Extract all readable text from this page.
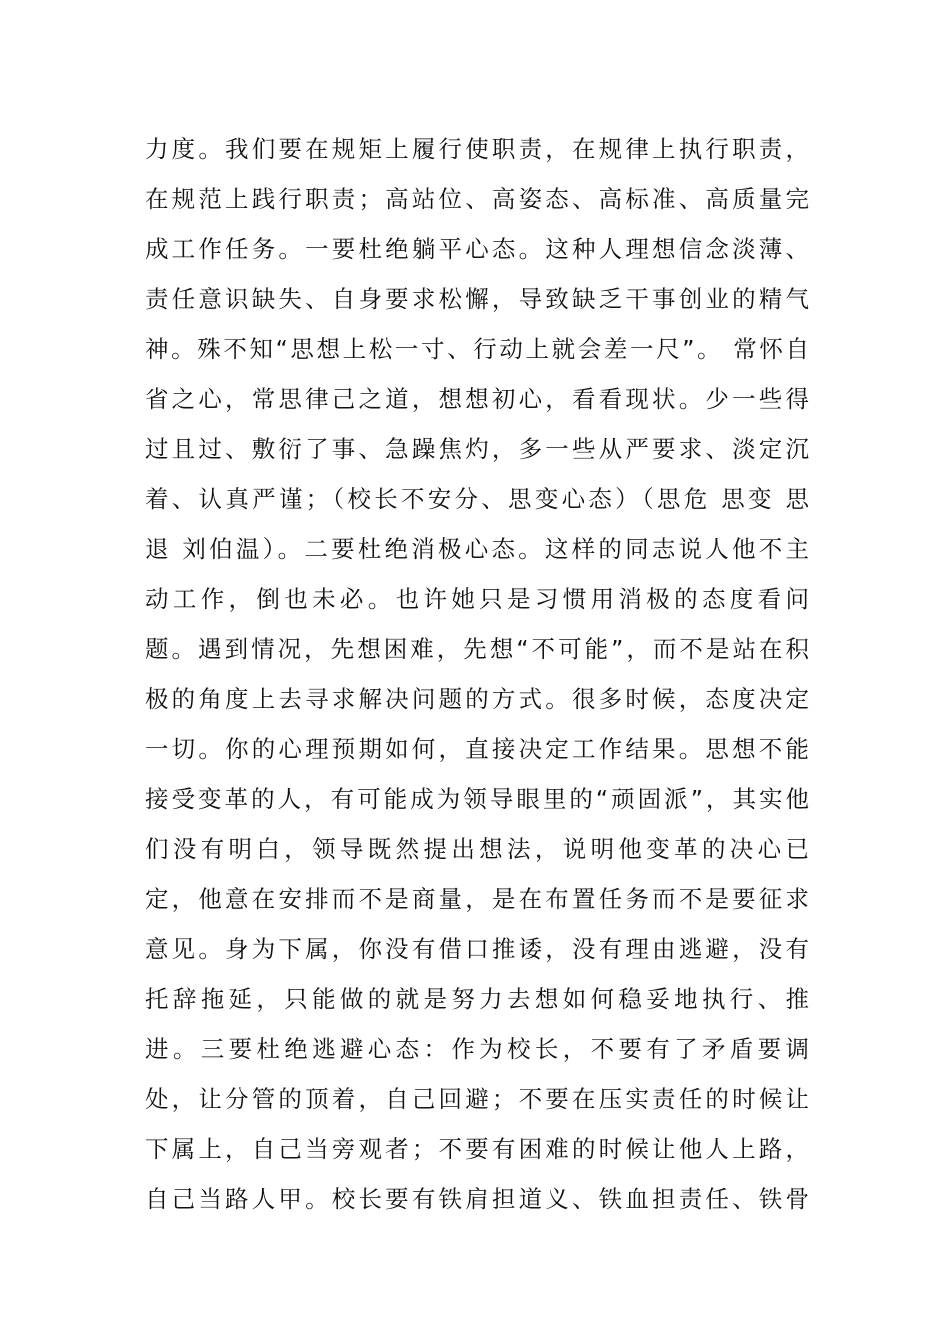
力度。我们要在规矩上履行使职责，在规律上执行职责，
在规范上践行职责；高站位、高姿态、高标准、高质量完
成工作任务。一要杜绝躺平心态。这种人理想信念淡薄、
责任意识缺失、自身要求松懈，导致缺乏干事创业的精气
神。殊不知“思想上松一寸、行动上就会差一尺”。 常怀自
省之心，常思律己之道，想想初心，看看现状。少一些得
过且过、敷衍了事、急躁焦灼，多一些从严要求、淡定沉
着、认真严谨；（校长不安分、思变心态）（思危 思变 思
退 刘伯温）。二要杜绝消极心态。这样的同志说人他不主
动工作，倒也未必。也许她只是习惯用消极的态度看问
题。遇到情况，先想困难，先想“不可能”，而不是站在积
极的角度上去寻求解决问题的方式。很多时候，态度决定
一切。你的心理预期如何，直接决定工作结果。思想不能
接受变革的人，有可能成为领导眼里的“顽固派”，其实他
们没有明白，领导既然提出想法，说明他变革的决心已
定，他意在安排而不是商量，是在布置任务而不是要征求
意见。身为下属，你没有借口推诿，没有理由逃避，没有
托辞拖延，只能做的就是努力去想如何稳妥地执行、推
进。三要杜绝逃避心态：作为校长，不要有了矛盾要调
处，让分管的顶着，自己回避；不要在压实责任的时候让
下属上，自己当旁观者；不要有困难的时候让他人上路，
自己当路人甲。校长要有铁肩担道义、铁血担责任、铁骨
